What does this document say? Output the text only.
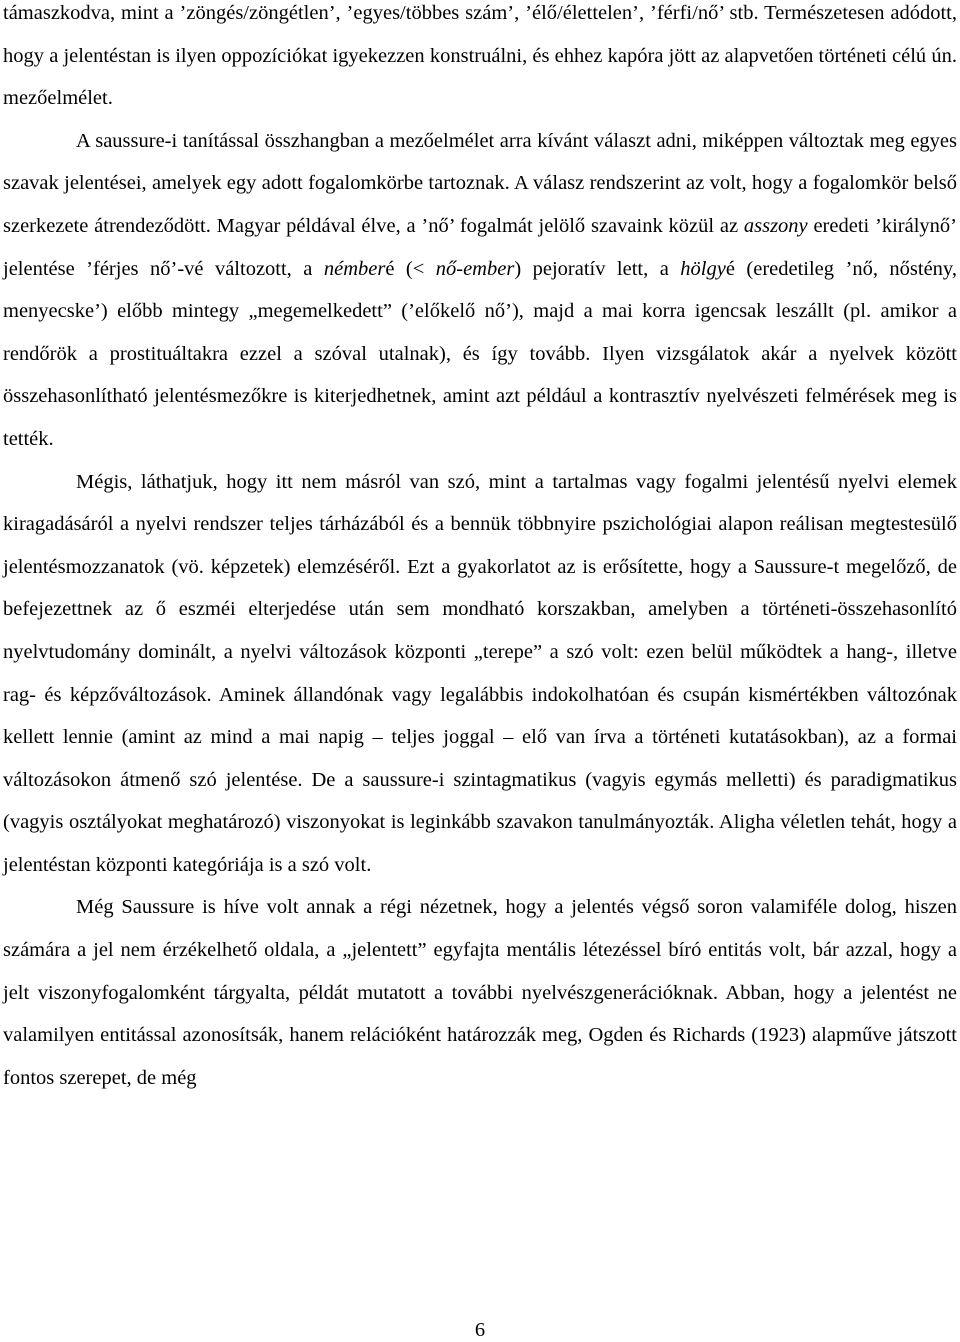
támaszkodva, mint a ’zöngés/zöngétlen’, ’egyes/többes szám’, ’élő/élettelen’, ’férfi/nő’ stb. Természetesen adódott, hogy a jelentéstan is ilyen oppozíciókat igyekezzen konstruálni, és ehhez kapóra jött az alapvetően történeti célú ún. mezőelmélet.

A saussure-i tanítással összhangban a mezőelmélet arra kívánt választ adni, miképpen változtak meg egyes szavak jelentései, amelyek egy adott fogalomkörbe tartoznak. A válasz rendszerint az volt, hogy a fogalomkör belső szerkezete átrendeződött. Magyar példával élve, a ’nő’ fogalmát jelölő szavaink közül az asszony eredeti ’királynő’ jelentése ’férjes nő’-vé változott, a némberé (< nő-ember) pejoratív lett, a hölgyé (eredetileg ’nő, nőstény, menyecske’) előbb mintegy „megemelkedett” (’előkelő nő’), majd a mai korra igencsak leszállt (pl. amikor a rendőrök a prostituáltakra ezzel a szóval utalnak), és így tovább. Ilyen vizsgálatok akár a nyelvek között összehasonlítható jelentésmezőkre is kiterjedhetnek, amint azt például a kontrasztív nyelvészeti felmérések meg is tették.

Mégis, láthatjuk, hogy itt nem másról van szó, mint a tartalmas vagy fogalmi jelentésű nyelvi elemek kiragadásáról a nyelvi rendszer teljes tárházából és a bennük többnyire pszichológiai alapon reálisan megtestesülő jelentésmozzanatok (vö. képzetek) elemzéséről. Ezt a gyakorlatot az is erősítette, hogy a Saussure-t megelőző, de befejezettnek az ő eszméi elterjedése után sem mondható korszakban, amelyben a történeti-összehasonlító nyelvtudomány dominált, a nyelvi változások központi „terepe” a szó volt: ezen belül működtek a hang-, illetve rag- és képzőváltozások. Aminek állandónak vagy legalábbis indokolhatóan és csupán kismértékben változónak kellett lennie (amint az mind a mai napig – teljes joggal – elő van írva a történeti kutatásokban), az a formai változásokon átmenő szó jelentése. De a saussure-i szintagmatikus (vagyis egymás melletti) és paradigmatikus (vagyis osztályokat meghatározó) viszonyokat is leginkább szavakon tanulmányozták. Aligha véletlen tehát, hogy a jelentéstan központi kategóriája is a szó volt.

Még Saussure is híve volt annak a régi nézetnek, hogy a jelentés végső soron valamiféle dolog, hiszen számára a jel nem érzékelhető oldala, a „jelentett” egyfajta mentális létezéssel bíró entitás volt, bár azzal, hogy a jelt viszonyfogalomként tárgyalta, példát mutatott a további nyelvészgenerációknak. Abban, hogy a jelentést ne valamilyen entitással azonosítsák, hanem relációként határozzák meg, Ogden és Richards (1923) alapműve játszott fontos szerepet, de még

6
